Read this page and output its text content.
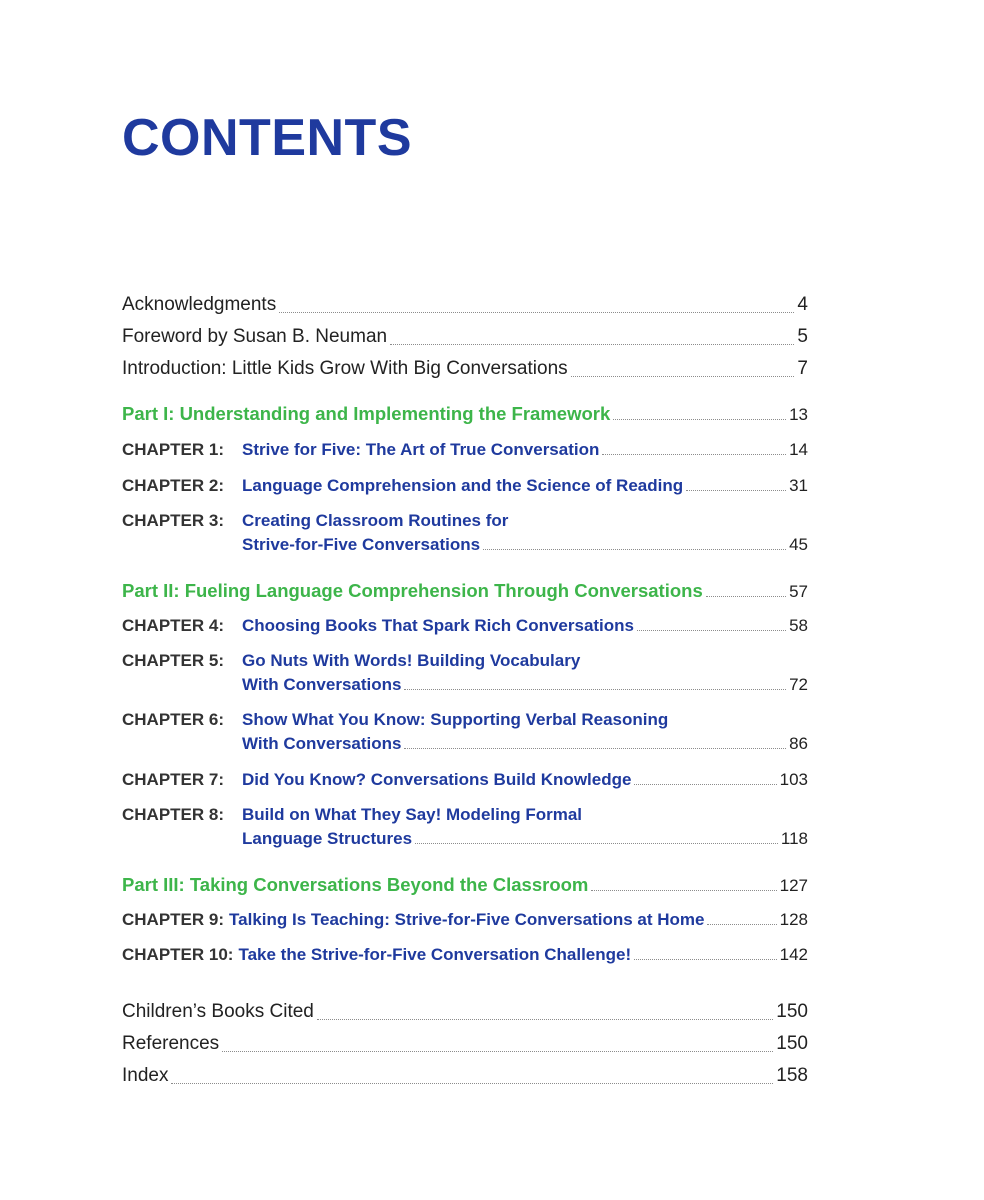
CONTENTS
Acknowledgments	4
Foreword by Susan B. Neuman	5
Introduction: Little Kids Grow With Big Conversations	7
Part I: Understanding and Implementing the Framework	13
CHAPTER 1:	Strive for Five: The Art of True Conversation	14
CHAPTER 2:	Language Comprehension and the Science of Reading	31
CHAPTER 3:	Creating Classroom Routines for
Strive-for-Five Conversations	45
Part II: Fueling Language Comprehension Through Conversations	57
CHAPTER 4:	Choosing Books That Spark Rich Conversations	58
CHAPTER 5:	Go Nuts With Words! Building Vocabulary
With Conversations	72
CHAPTER 6:	Show What You Know: Supporting Verbal Reasoning
With Conversations	86
CHAPTER 7:	Did You Know? Conversations Build Knowledge	103
CHAPTER 8:	Build on What They Say! Modeling Formal
Language Structures	118
Part III: Taking Conversations Beyond the Classroom	127
CHAPTER 9: Talking Is Teaching: Strive-for-Five Conversations at Home	128
CHAPTER 10: Take the Strive-for-Five Conversation Challenge!	142
Children’s Books Cited	150
References	150
Index	158
